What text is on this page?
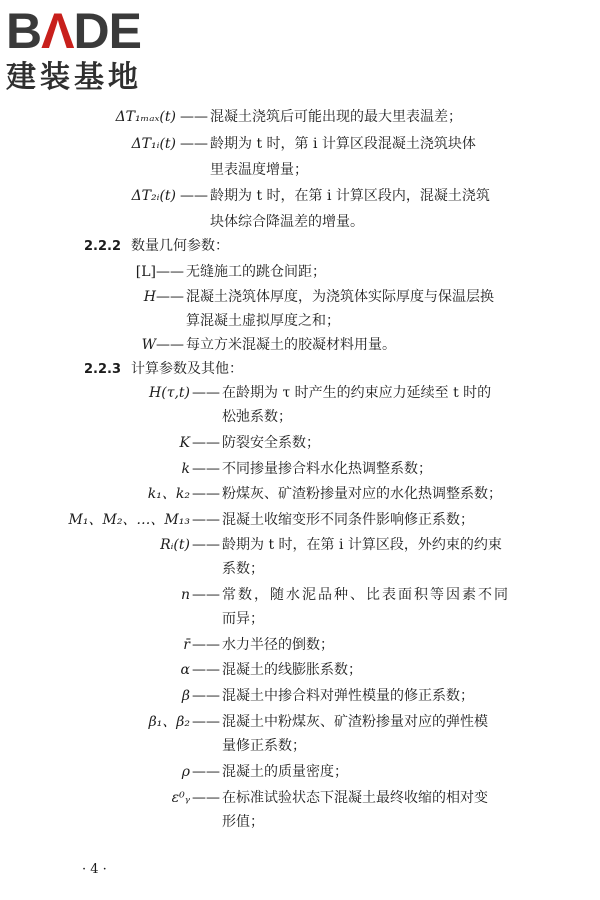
BΛDE
建装基地
ΔT₁ₘₐₓ(t) —— 混凝土浇筑后可能出现的最大里表温差；
ΔT₁ᵢ(t) —— 龄期为 t 时，第 i 计算区段混凝土浇筑块体
里表温度增量；
ΔT₂ᵢ(t) —— 龄期为 t 时，在第 i 计算区段内，混凝土浇筑
块体综合降温差的增量。
2.2.2 数量几何参数：
[L] —— 无缝施工的跳仓间距；
H —— 混凝土浇筑体厚度，为浇筑体实际厚度与保温层换
算混凝土虚拟厚度之和；
W —— 每立方米混凝土的胶凝材料用量。
2.2.3 计算参数及其他：
H(τ,t) —— 在龄期为 τ 时产生的约束应力延续至 t 时的
松弛系数；
K —— 防裂安全系数；
k —— 不同掺量掺合料水化热调整系数；
k₁、k₂ —— 粉煤灰、矿渣粉掺量对应的水化热调整系数；
M₁、M₂、…、M₁₃ —— 混凝土收缩变形不同条件影响修正系数；
Rᵢ(t) —— 龄期为 t 时，在第 i 计算区段，外约束的约束
系数；
n —— 常数，随水泥品种、比表面积等因素不同
而异；
r̄ —— 水力半径的倒数；
α —— 混凝土的线膨胀系数；
β —— 混凝土中掺合料对弹性模量的修正系数；
β₁、β₂ —— 混凝土中粉煤灰、矿渣粉掺量对应的弹性模
量修正系数；
ρ —— 混凝土的质量密度；
ε⁰ᵧ —— 在标准试验状态下混凝土最终收缩的相对变
形值；
· 4 ·
